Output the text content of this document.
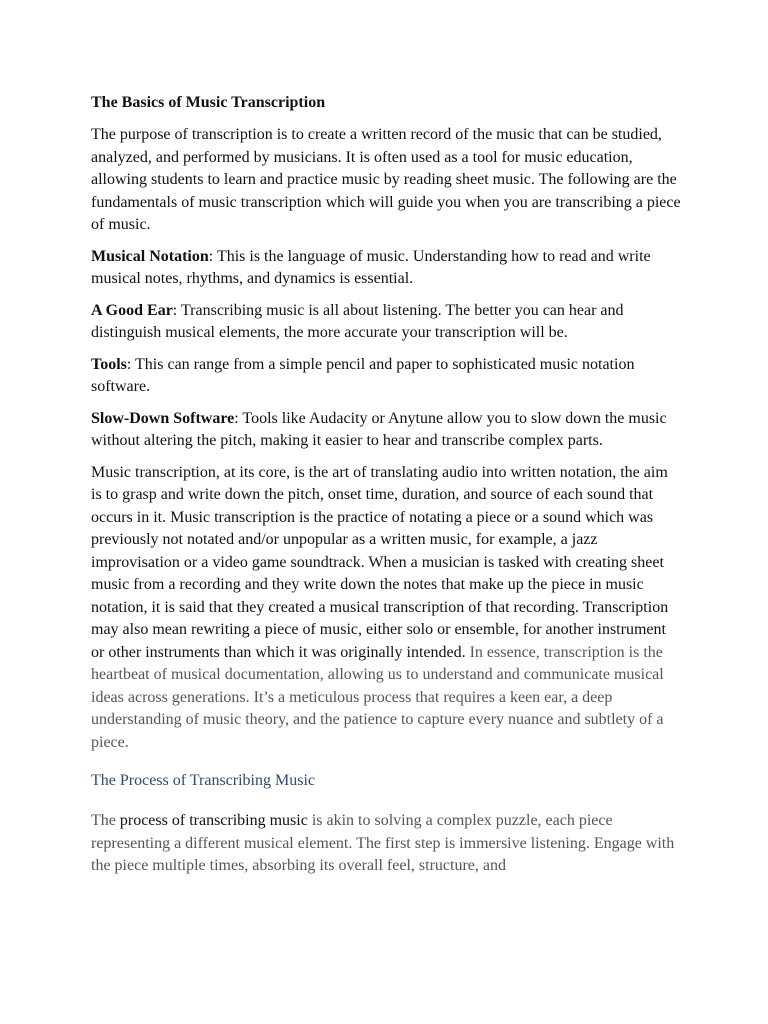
The Basics of Music Transcription

The purpose of transcription is to create a written record of the music that can be studied, analyzed, and performed by musicians. It is often used as a tool for music education, allowing students to learn and practice music by reading sheet music. The following are the fundamentals of music transcription which will guide you when you are transcribing a piece of music.

Musical Notation: This is the language of music. Understanding how to read and write musical notes, rhythms, and dynamics is essential.

A Good Ear: Transcribing music is all about listening. The better you can hear and distinguish musical elements, the more accurate your transcription will be.

Tools: This can range from a simple pencil and paper to sophisticated music notation software.

Slow-Down Software: Tools like Audacity or Anytune allow you to slow down the music without altering the pitch, making it easier to hear and transcribe complex parts.

Music transcription, at its core, is the art of translating audio into written notation, the aim is to grasp and write down the pitch, onset time, duration, and source of each sound that occurs in it. Music transcription is the practice of notating a piece or a sound which was previously not notated and/or unpopular as a written music, for example, a jazz improvisation or a video game soundtrack. When a musician is tasked with creating sheet music from a recording and they write down the notes that make up the piece in music notation, it is said that they created a musical transcription of that recording. Transcription may also mean rewriting a piece of music, either solo or ensemble, for another instrument or other instruments than which it was originally intended. In essence, transcription is the heartbeat of musical documentation, allowing us to understand and communicate musical ideas across generations. It’s a meticulous process that requires a keen ear, a deep understanding of music theory, and the patience to capture every nuance and subtlety of a piece.

The Process of Transcribing Music

The process of transcribing music is akin to solving a complex puzzle, each piece representing a different musical element. The first step is immersive listening. Engage with the piece multiple times, absorbing its overall feel, structure, and
